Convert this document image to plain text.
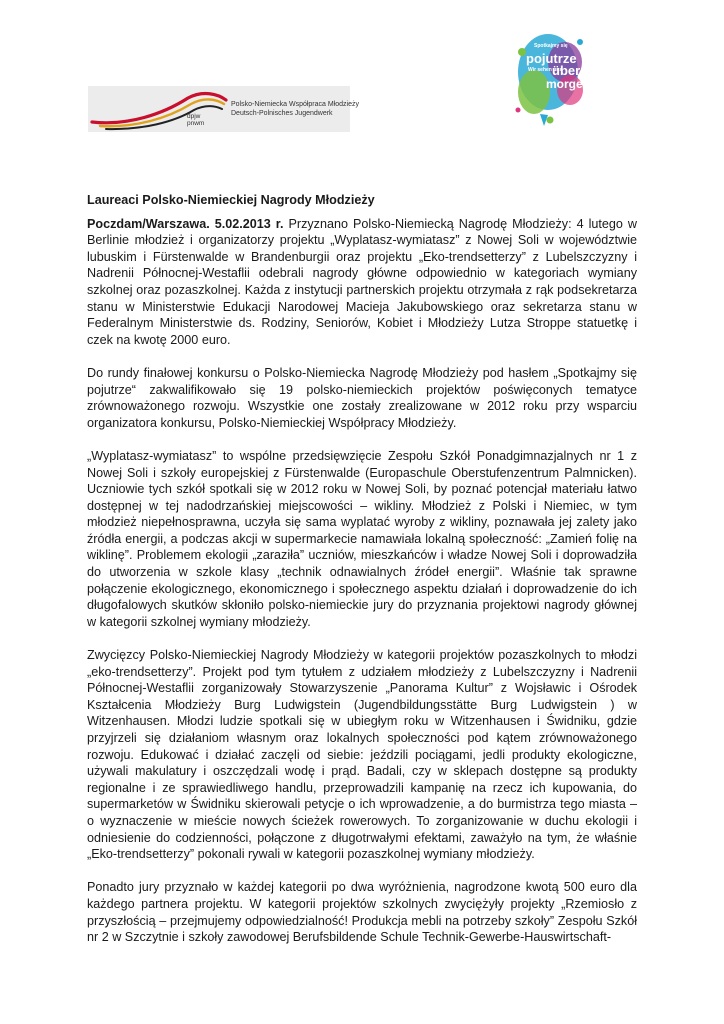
dpjw
pnwm
Polsko-Niemiecka Współpraca Młodzieży
Deutsch-Polnisches Jugendwerk
Spotkajmy się
pojutrze
Wir sehen uns
über
morgen
Laureaci Polsko-Niemieckiej Nagrody Młodzieży

Poczdam/Warszawa. 5.02.2013 r. Przyznano Polsko-Niemiecką Nagrodę Młodzieży: 4 lutego w Berlinie młodzież i organizatorzy projektu „Wyplatasz-wymiatasz” z Nowej Soli w województwie lubuskim i Fürstenwalde w Brandenburgii oraz projektu „Eko-trendsetterzy” z Lubelszczyzny i Nadrenii Północnej-Westaflii odebrali nagrody główne odpowiednio w kategoriach wymiany szkolnej oraz pozaszkolnej. Każda z instytucji partnerskich projektu otrzymała z rąk podsekretarza stanu w Ministerstwie Edukacji Narodowej Macieja Jakubowskiego oraz sekretarza stanu w Federalnym Ministerstwie ds. Rodziny, Seniorów, Kobiet i Młodzieży Lutza Stroppe statuetkę i czek na kwotę 2000 euro.

Do rundy finałowej konkursu o Polsko-Niemiecka Nagrodę Młodzieży pod hasłem „Spotkajmy się pojutrze“ zakwalifikowało się 19 polsko-niemieckich projektów poświęconych tematyce zrównoważonego rozwoju. Wszystkie one zostały zrealizowane w 2012 roku przy wsparciu organizatora konkursu, Polsko-Niemieckiej Współpracy Młodzieży.

„Wyplatasz-wymiatasz” to wspólne przedsięwzięcie Zespołu Szkół Ponadgimnazjalnych nr 1 z Nowej Soli i szkoły europejskiej z Fürstenwalde (Europaschule Oberstufenzentrum Palmnicken). Uczniowie tych szkół spotkali się w 2012 roku w Nowej Soli, by poznać potencjał materiału łatwo dostępnej w tej nadodrzańskiej miejscowości – wikliny. Młodzież z Polski i Niemiec, w tym młodzież niepełnosprawna, uczyła się sama wyplatać wyroby z wikliny, poznawała jej zalety jako źródła energii, a podczas akcji w supermarkecie namawiała lokalną społeczność: „Zamień folię na wiklinę”. Problemem ekologii „zaraziła” uczniów, mieszkańców i władze Nowej Soli i doprowadziła do utworzenia w szkole klasy „technik odnawialnych źródeł energii”. Właśnie tak sprawne połączenie ekologicznego, ekonomicznego i społecznego aspektu działań i doprowadzenie do ich długofalowych skutków skłoniło polsko-niemieckie jury do przyznania projektowi nagrody głównej w kategorii szkolnej wymiany młodzieży.

Zwycięzcy Polsko-Niemieckiej Nagrody Młodzieży w kategorii projektów pozaszkolnych to młodzi „eko-trendsetterzy”. Projekt pod tym tytułem z udziałem młodzieży z Lubelszczyzny i Nadrenii Północnej-Westaflii zorganizowały Stowarzyszenie „Panorama Kultur” z Wojsławic i Ośrodek Kształcenia Młodzieży Burg Ludwigstein (Jugendbildungsstätte Burg Ludwigstein ) w Witzenhausen. Młodzi ludzie spotkali się w ubiegłym roku w Witzenhausen i Świdniku, gdzie przyjrzeli się działaniom własnym oraz lokalnych społeczności pod kątem zrównoważonego rozwoju. Edukować i działać zaczęli od siebie: jeździli pociągami, jedli produkty ekologiczne, używali makulatury i oszczędzali wodę i prąd. Badali, czy w sklepach dostępne są produkty regionalne i ze sprawiedliwego handlu, przeprowadzili kampanię na rzecz ich kupowania, do supermarketów w Świdniku skierowali petycje o ich wprowadzenie, a do burmistrza tego miasta – o wyznaczenie w mieście nowych ścieżek rowerowych. To zorganizowanie w duchu ekologii i odniesienie do codzienności, połączone z długotrwałymi efektami, zaważyło na tym, że właśnie „Eko-trendsetterzy” pokonali rywali w kategorii pozaszkolnej wymiany młodzieży.

Ponadto jury przyznało w każdej kategorii po dwa wyróżnienia, nagrodzone kwotą 500 euro dla każdego partnera projektu. W kategorii projektów szkolnych zwyciężyły projekty „Rzemiosło z przyszłością – przejmujemy odpowiedzialność! Produkcja mebli na potrzeby szkoły” Zespołu Szkół nr 2 w Szczytnie i szkoły zawodowej Berufsbildende Schule Technik-Gewerbe-Hauswirtschaft-
